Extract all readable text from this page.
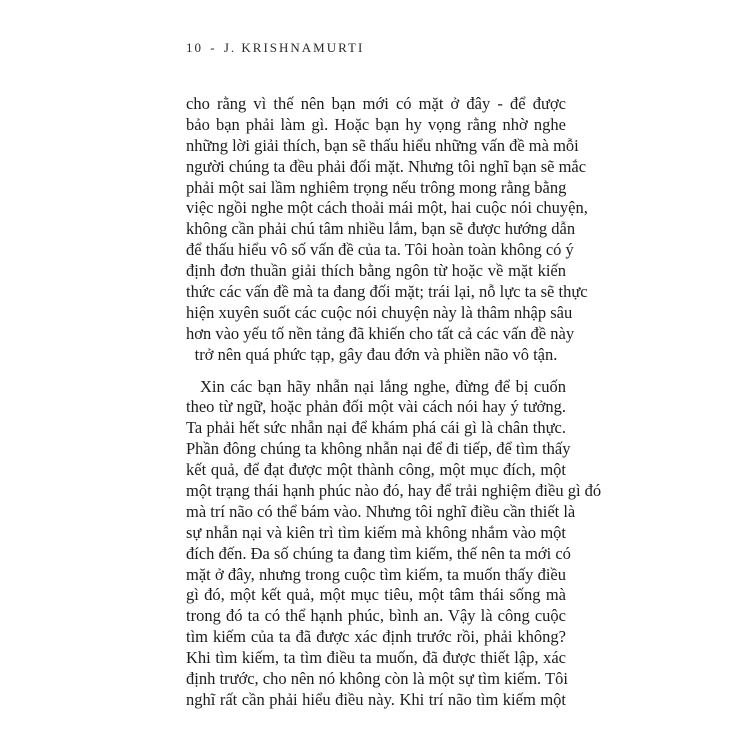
10 - J. KRISHNAMURTI

cho rằng vì thế nên bạn mới có mặt ở đây - để được
bảo bạn phải làm gì. Hoặc bạn hy vọng rằng nhờ nghe
những lời giải thích, bạn sẽ thấu hiểu những vấn đề mà mỗi
người chúng ta đều phải đối mặt. Nhưng tôi nghĩ bạn sẽ mắc
phải một sai lầm nghiêm trọng nếu trông mong rằng bằng
việc ngồi nghe một cách thoải mái một, hai cuộc nói chuyện,
không cần phải chú tâm nhiều lắm, bạn sẽ được hướng dẫn
để thấu hiểu vô số vấn đề của ta. Tôi hoàn toàn không có ý
định đơn thuần giải thích bằng ngôn từ hoặc về mặt kiến
thức các vấn đề mà ta đang đối mặt; trái lại, nỗ lực ta sẽ thực
hiện xuyên suốt các cuộc nói chuyện này là thâm nhập sâu
hơn vào yếu tố nền tảng đã khiến cho tất cả các vấn đề này
trở nên quá phức tạp, gây đau đớn và phiền não vô tận.

Xin các bạn hãy nhẫn nại lắng nghe, đừng để bị cuốn
theo từ ngữ, hoặc phản đối một vài cách nói hay ý tưởng.
Ta phải hết sức nhẫn nại để khám phá cái gì là chân thực.
Phần đông chúng ta không nhẫn nại để đi tiếp, để tìm thấy
kết quả, để đạt được một thành công, một mục đích, một
một trạng thái hạnh phúc nào đó, hay để trải nghiệm điều gì đó
mà trí não có thể bám vào. Nhưng tôi nghĩ điều cần thiết là
sự nhẫn nại và kiên trì tìm kiếm mà không nhắm vào một
đích đến. Đa số chúng ta đang tìm kiếm, thế nên ta mới có
mặt ở đây, nhưng trong cuộc tìm kiếm, ta muốn thấy điều
gì đó, một kết quả, một mục tiêu, một tâm thái sống mà
trong đó ta có thể hạnh phúc, bình an. Vậy là công cuộc
tìm kiếm của ta đã được xác định trước rồi, phải không?
Khi tìm kiếm, ta tìm điều ta muốn, đã được thiết lập, xác
định trước, cho nên nó không còn là một sự tìm kiếm. Tôi
nghĩ rất cần phải hiểu điều này. Khi trí não tìm kiếm một
